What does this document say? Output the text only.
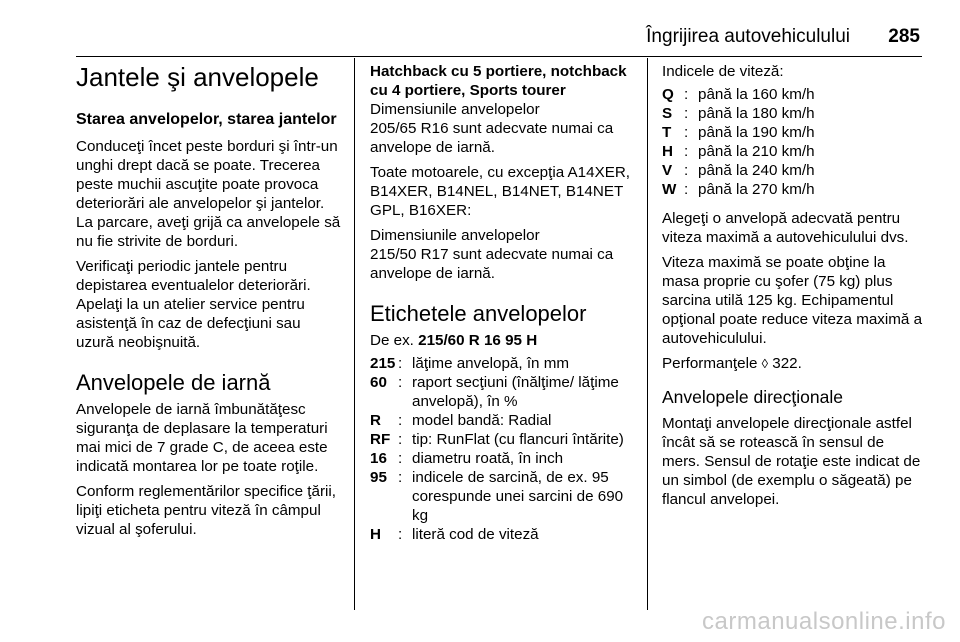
Îngrijirea autovehiculului 285
Jantele şi anvelopele
Starea anvelopelor, starea jantelor

Conduceţi încet peste borduri şi într-un unghi drept dacă se poate. Trecerea peste muchii ascuţite poate provoca deteriorări ale anvelopelor şi jantelor. La parcare, aveţi grijă ca anvelopele să nu fie strivite de borduri.

Verificaţi periodic jantele pentru depistarea eventualelor deteriorări. Apelaţi la un atelier service pentru asistenţă în caz de defecţiuni sau uzură neobişnuită.

Anvelopele de iarnă

Anvelopele de iarnă îmbunătăţesc siguranţa de deplasare la temperaturi mai mici de 7 grade C, de aceea este indicată montarea lor pe toate roţile.

Conform reglementărilor specifice ţării, lipiţi eticheta pentru viteză în câmpul vizual al şoferului.

Hatchback cu 5 portiere, notchback cu 4 portiere, Sports tourer

Dimensiunile anvelopelor

205/65 R16 sunt adecvate numai ca anvelope de iarnă.

Toate motoarele, cu excepţia A14XER, B14XER, B14NEL, B14NET, B14NET GPL, B16XER:

Dimensiunile anvelopelor

215/50 R17 sunt adecvate numai ca anvelope de iarnă.

Etichetele anvelopelor

De ex. 215/60 R 16 95 H

215 : lăţime anvelopă, în mm
60 : raport secţiuni (înălţime/ lăţime anvelopă), în %
R	: model bandă: Radial
RF : tip: RunFlat (cu flancuri întărite)
16 : diametru roată, în inch
95 : indicele de sarcină, de ex. 95 corespunde unei sarcini de 690 kg
H	: literă cod de viteză

Indicele de viteză:

Q : până la 160 km/h
S : până la 180 km/h
T : până la 190 km/h
H : până la 210 km/h
V : până la 240 km/h
W : până la 270 km/h

Alegeţi o anvelopă adecvată pentru viteza maximă a autovehiculului dvs.

Viteza maximă se poate obţine la masa proprie cu şofer (75 kg) plus sarcina utilă 125 kg. Echipamentul opţional poate reduce viteza maximă a autovehiculului.

Performanţele ◊ 322.

Anvelopele direcţionale

Montaţi anvelopele direcţionale astfel încât să se rotească în sensul de mers. Sensul de rotaţie este indicat de un simbol (de exemplu o săgeată) pe flancul anvelopei.

carmanualsonline.info
